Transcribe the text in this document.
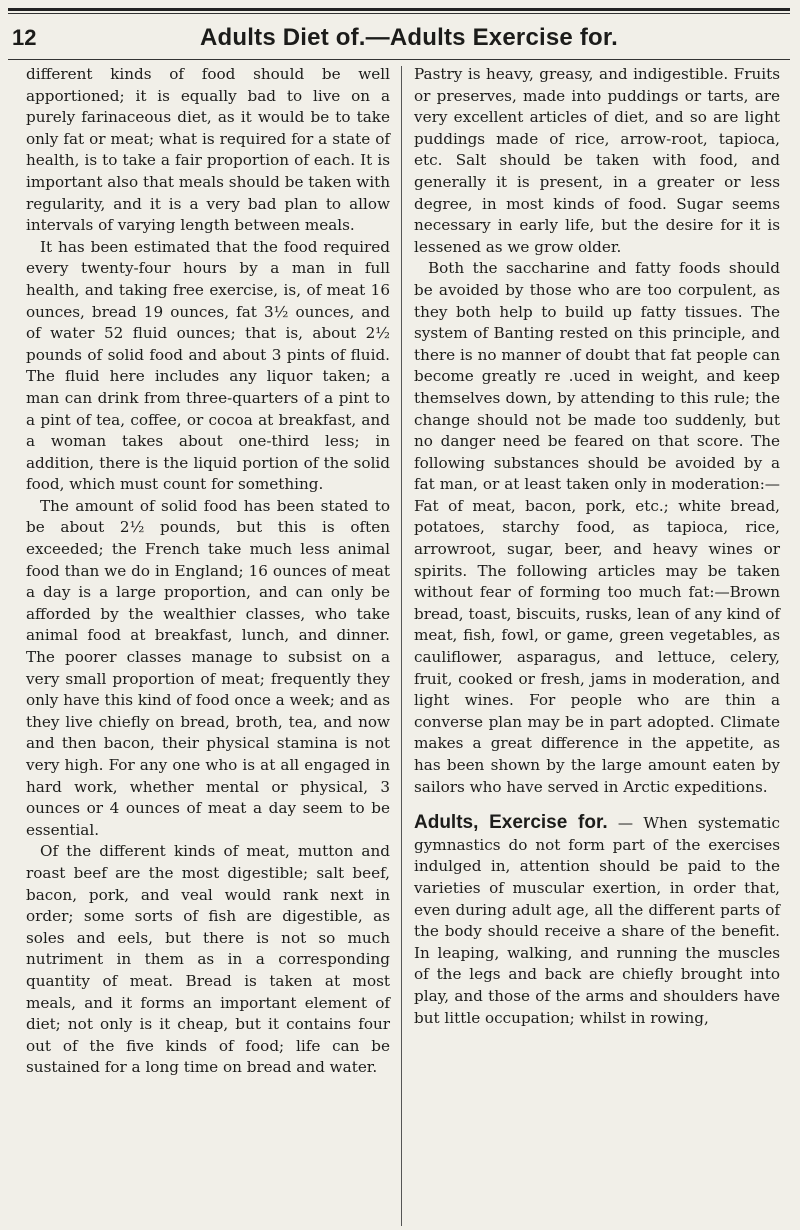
12	Adults Diet of.—Adults Exercise for.

different kinds of food should be well apportioned; it is equally bad to live on a purely farinaceous diet, as it would be to take only fat or meat; what is required for a state of health, is to take a fair proportion of each. It is important also that meals should be taken with regularity, and it is a very bad plan to allow intervals of varying length between meals.

It has been estimated that the food required every twenty-four hours by a man in full health, and taking free exercise, is, of meat 16 ounces, bread 19 ounces, fat 3½ ounces, and of water 52 fluid ounces; that is, about 2½ pounds of solid food and about 3 pints of fluid. The fluid here includes any liquor taken; a man can drink from three-quarters of a pint to a pint of tea, coffee, or cocoa at breakfast, and a woman takes about one-third less; in addition, there is the liquid portion of the solid food, which must count for something.

The amount of solid food has been stated to be about 2½ pounds, but this is often exceeded; the French take much less animal food than we do in England; 16 ounces of meat a day is a large proportion, and can only be afforded by the wealthier classes, who take animal food at breakfast, lunch, and dinner. The poorer classes manage to subsist on a very small proportion of meat; frequently they only have this kind of food once a week; and as they live chiefly on bread, broth, tea, and now and then bacon, their physical stamina is not very high. For any one who is at all engaged in hard work, whether mental or physical, 3 ounces or 4 ounces of meat a day seem to be essential.

Of the different kinds of meat, mutton and roast beef are the most digestible; salt beef, bacon, pork, and veal would rank next in order; some sorts of fish are digestible, as soles and eels, but there is not so much nutriment in them as in a corresponding quantity of meat. Bread is taken at most meals, and it forms an important element of diet; not only is it cheap, but it contains four out of the five kinds of food; life can be sustained for a long time on bread and water.

Pastry is heavy, greasy, and indigestible. Fruits or preserves, made into puddings or tarts, are very excellent articles of diet, and so are light puddings made of rice, arrow-root, tapioca, etc. Salt should be taken with food, and generally it is present, in a greater or less degree, in most kinds of food. Sugar seems necessary in early life, but the desire for it is lessened as we grow older.

Both the saccharine and fatty foods should be avoided by those who are too corpulent, as they both help to build up fatty tissues. The system of Banting rested on this principle, and there is no manner of doubt that fat people can become greatly re .uced in weight, and keep themselves down, by attending to this rule; the change should not be made too suddenly, but no danger need be feared on that score. The following substances should be avoided by a fat man, or at least taken only in moderation:—Fat of meat, bacon, pork, etc.; white bread, potatoes, starchy food, as tapioca, rice, arrowroot, sugar, beer, and heavy wines or spirits. The following articles may be taken without fear of forming too much fat:—Brown bread, toast, biscuits, rusks, lean of any kind of meat, fish, fowl, or game, green vegetables, as cauliflower, asparagus, and lettuce, celery, fruit, cooked or fresh, jams in moderation, and light wines. For people who are thin a converse plan may be in part adopted. Climate makes a great difference in the appetite, as has been shown by the large amount eaten by sailors who have served in Arctic expeditions.

Adults, Exercise for. — When systematic gymnastics do not form part of the exercises indulged in, attention should be paid to the varieties of muscular exertion, in order that, even during adult age, all the different parts of the body should receive a share of the benefit. In leaping, walking, and running the muscles of the legs and back are chiefly brought into play, and those of the arms and shoulders have but little occupation; whilst in rowing,
